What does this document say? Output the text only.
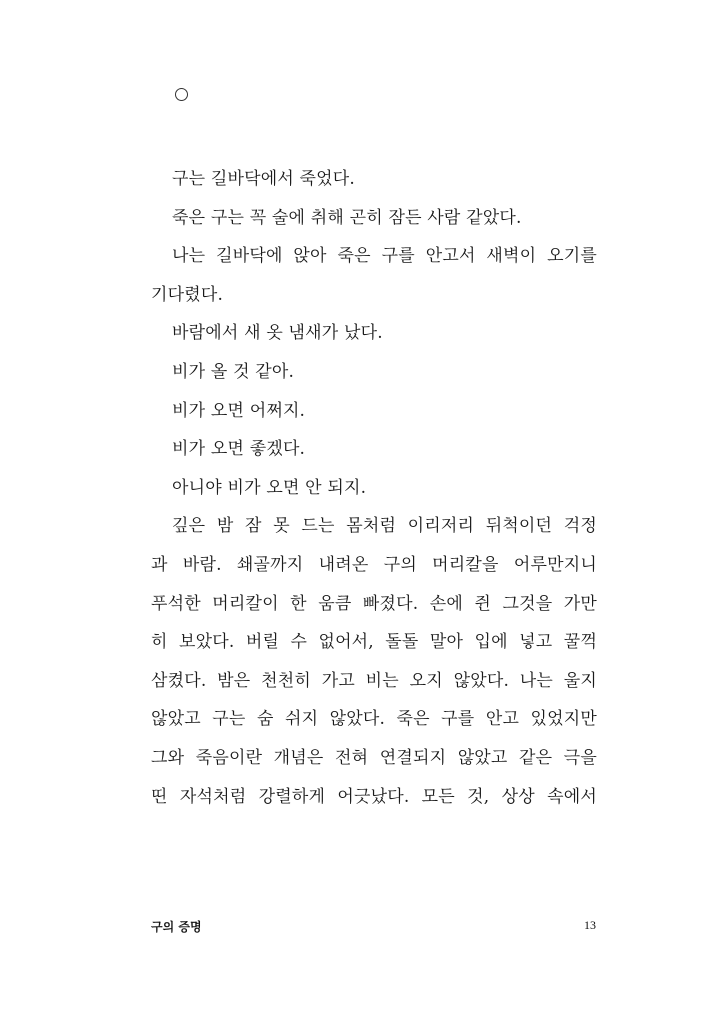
구는 길바닥에서 죽었다.
죽은 구는 꼭 술에 취해 곤히 잠든 사람 같았다.
나는 길바닥에 앉아 죽은 구를 안고서 새벽이 오기를
기다렸다.
바람에서 새 옷 냄새가 났다.
비가 올 것 같아.
비가 오면 어쩌지.
비가 오면 좋겠다.
아니야 비가 오면 안 되지.
깊은 밤 잠 못 드는 몸처럼 이리저리 뒤척이던 걱정
과 바람. 쇄골까지 내려온 구의 머리칼을 어루만지니
푸석한 머리칼이 한 움큼 빠졌다. 손에 쥔 그것을 가만
히 보았다. 버릴 수 없어서, 돌돌 말아 입에 넣고 꿀꺽
삼켰다. 밤은 천천히 가고 비는 오지 않았다. 나는 울지
않았고 구는 숨 쉬지 않았다. 죽은 구를 안고 있었지만
그와 죽음이란 개념은 전혀 연결되지 않았고 같은 극을
띤 자석처럼 강렬하게 어긋났다. 모든 것, 상상 속에서
구의 증명	13
